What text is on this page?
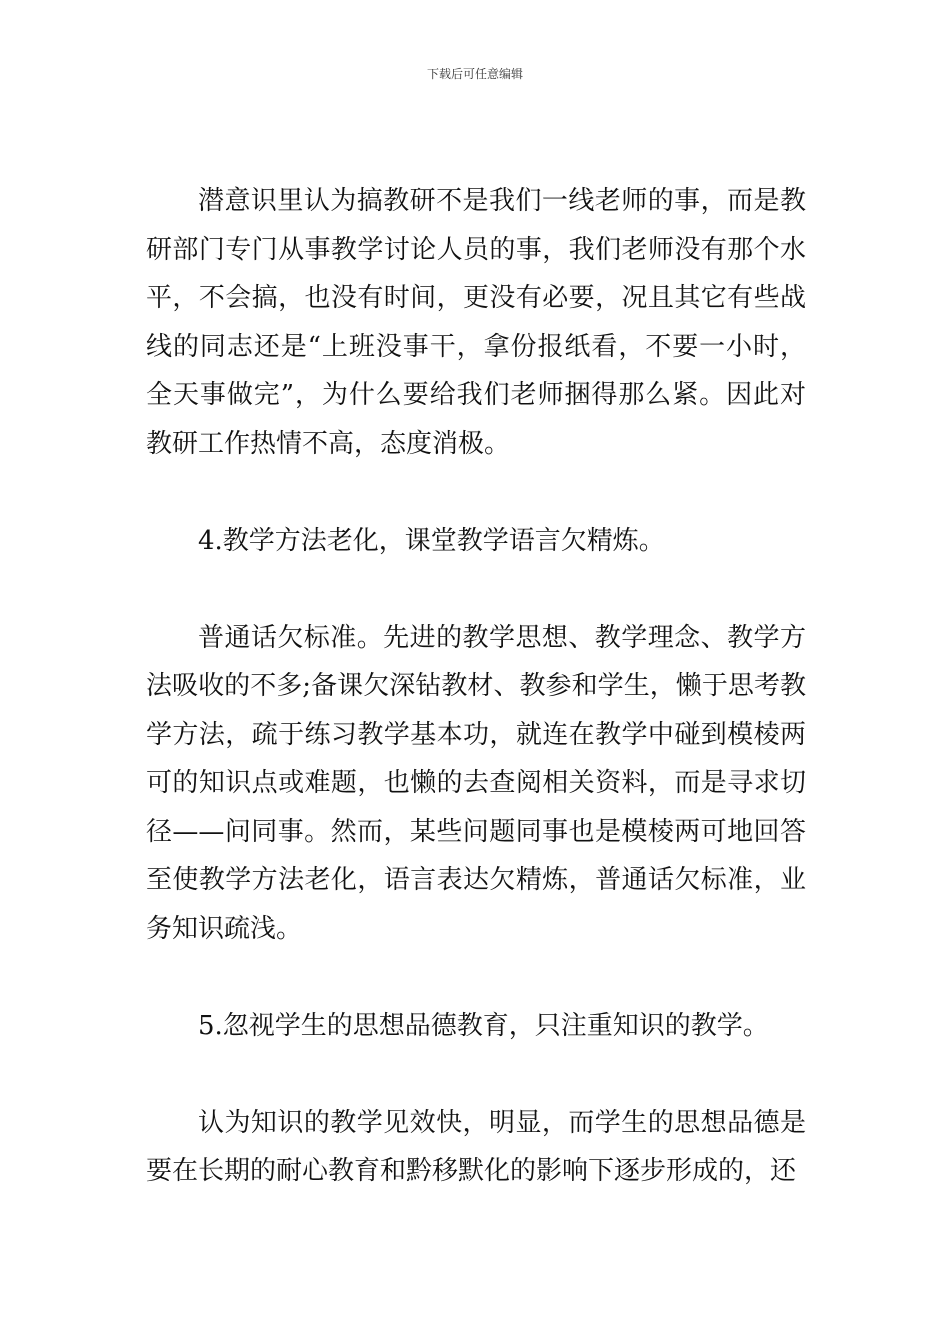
下载后可任意编辑

潜意识里认为搞教研不是我们一线老师的事，而是教研部门专门从事教学讨论人员的事，我们老师没有那个水平，不会搞，也没有时间，更没有必要，况且其它有些战线的同志还是“上班没事干，拿份报纸看，不要一小时，全天事做完”，为什么要给我们老师捆得那么紧。因此对教研工作热情不高，态度消极。

4.教学方法老化，课堂教学语言欠精炼。

普通话欠标准。先进的教学思想、教学理念、教学方法吸收的不多;备课欠深钻教材、教参和学生，懒于思考教学方法，疏于练习教学基本功，就连在教学中碰到模棱两可的知识点或难题，也懒的去查阅相关资料，而是寻求切径——问同事。然而，某些问题同事也是模棱两可地回答至使教学方法老化，语言表达欠精炼，普通话欠标准，业务知识疏浅。

5.忽视学生的思想品德教育，只注重知识的教学。

认为知识的教学见效快，明显，而学生的思想品德是要在长期的耐心教育和黔移默化的影响下逐步形成的，还
